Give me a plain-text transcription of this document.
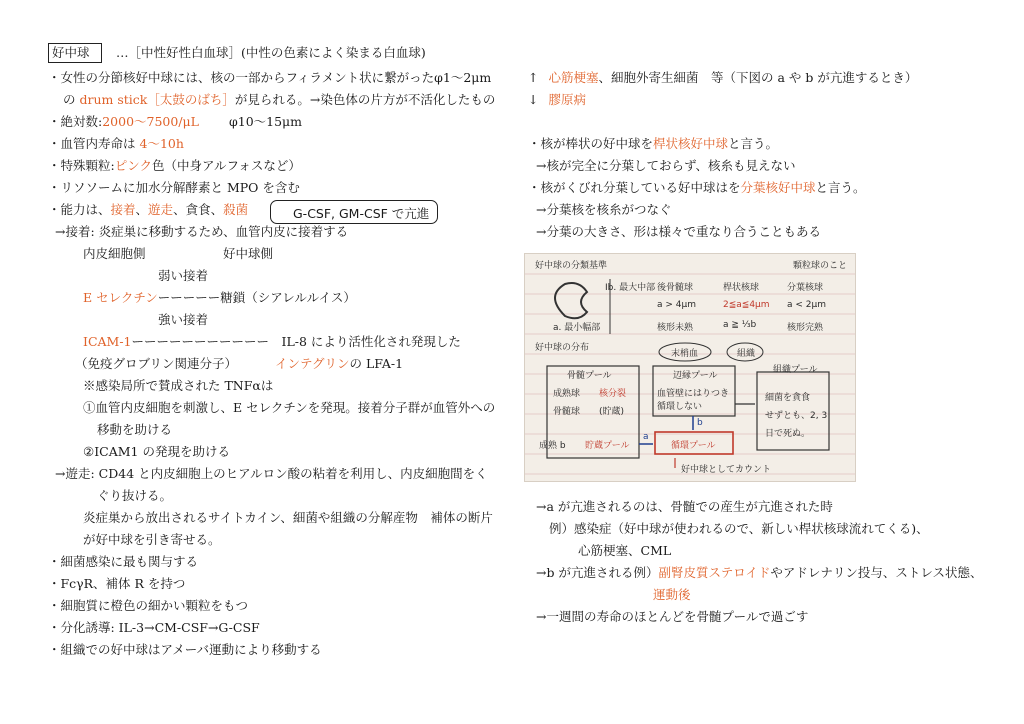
好中球 …［中性好性白血球］(中性の色素によく染まる白血球)
・女性の分節核好中球には、核の一部からフィラメント状に繋がったφ1〜2μm
の drum stick［太鼓のばち］が見られる。→染色体の片方が不活化したもの
・絶対数:2000〜7500/μL φ10〜15μm
・血管内寿命は 4〜10h
・特殊顆粒:ピンク色（中身アルフォスなど）
・リソソームに加水分解酵素と MPO を含む
・能力は、接着、遊走、貪食、殺菌	G-CSF, GM-CSF で亢進
→接着: 炎症巣に移動するため、血管内皮に接着する
内皮細胞側	好中球側
弱い接着
E セレクチンーーーーー糖鎖（シアレルルイス）
強い接着
ICAM-1ーーーーーーーーーーー　IL-8 により活性化され発現した
（免疫グロブリン関連分子）	インテグリンの LFA-1
※感染局所で賛成された TNFαは
①血管内皮細胞を刺激し、E セレクチンを発現。接着分子群が血管外への
移動を助ける
②ICAM1 の発現を助ける
→遊走: CD44 と内皮細胞上のヒアルロン酸の粘着を利用し、内皮細胞間をく
ぐり抜ける。
炎症巣から放出されるサイトカイン、細菌や組織の分解産物　補体の断片
が好中球を引き寄せる。
・細菌感染に最も関与する
・FcγR、補体 R を持つ
・細胞質に橙色の細かい顆粒をもつ
・分化誘導: IL-3→CM-CSF→G-CSF
・組織での好中球はアメーバ運動により移動する
↑ 心筋梗塞、細胞外寄生細菌　等（下図の a や b が亢進するとき）
↓ 膠原病
・核が棒状の好中球を桿状核好中球と言う。
→核が完全に分葉しておらず、核糸も見えない
・核がくびれ分葉している好中球はを分葉核好中球と言う。
→分葉核を核糸がつなぐ
→分葉の大きさ、形は様々で重なり合うこともある
好中球の分類基準	顆粒球のこと
Ib. 最大中部 後骨髄球	桿状核球	分葉核球
a > 4μm	2≦a≦4μm a < 2μm
a. 最小幅部	核形未熟	a ≧ ⅓b	核形完熟
好中球の分布
末梢血	組織
骨髄プール	辺縁プール
組織プール
成熟球
骨髄球
核分裂
(貯蔵)
血管壁にはりつき循環しない
細菌を貪食
せずとも、2, 3
日で死ぬ。
成熟 b 貯蔵プール	循環プール
a
b
好中球としてカウント
→a が亢進されるのは、骨髄での産生が亢進された時
例）感染症（好中球が使われるので、新しい桿状核球流れてくる)、
心筋梗塞、CML
→b が亢進される例）副腎皮質ステロイドやアドレナリン投与、ストレス状態、
運動後
→一週間の寿命のほとんどを骨髄プールで過ごす
